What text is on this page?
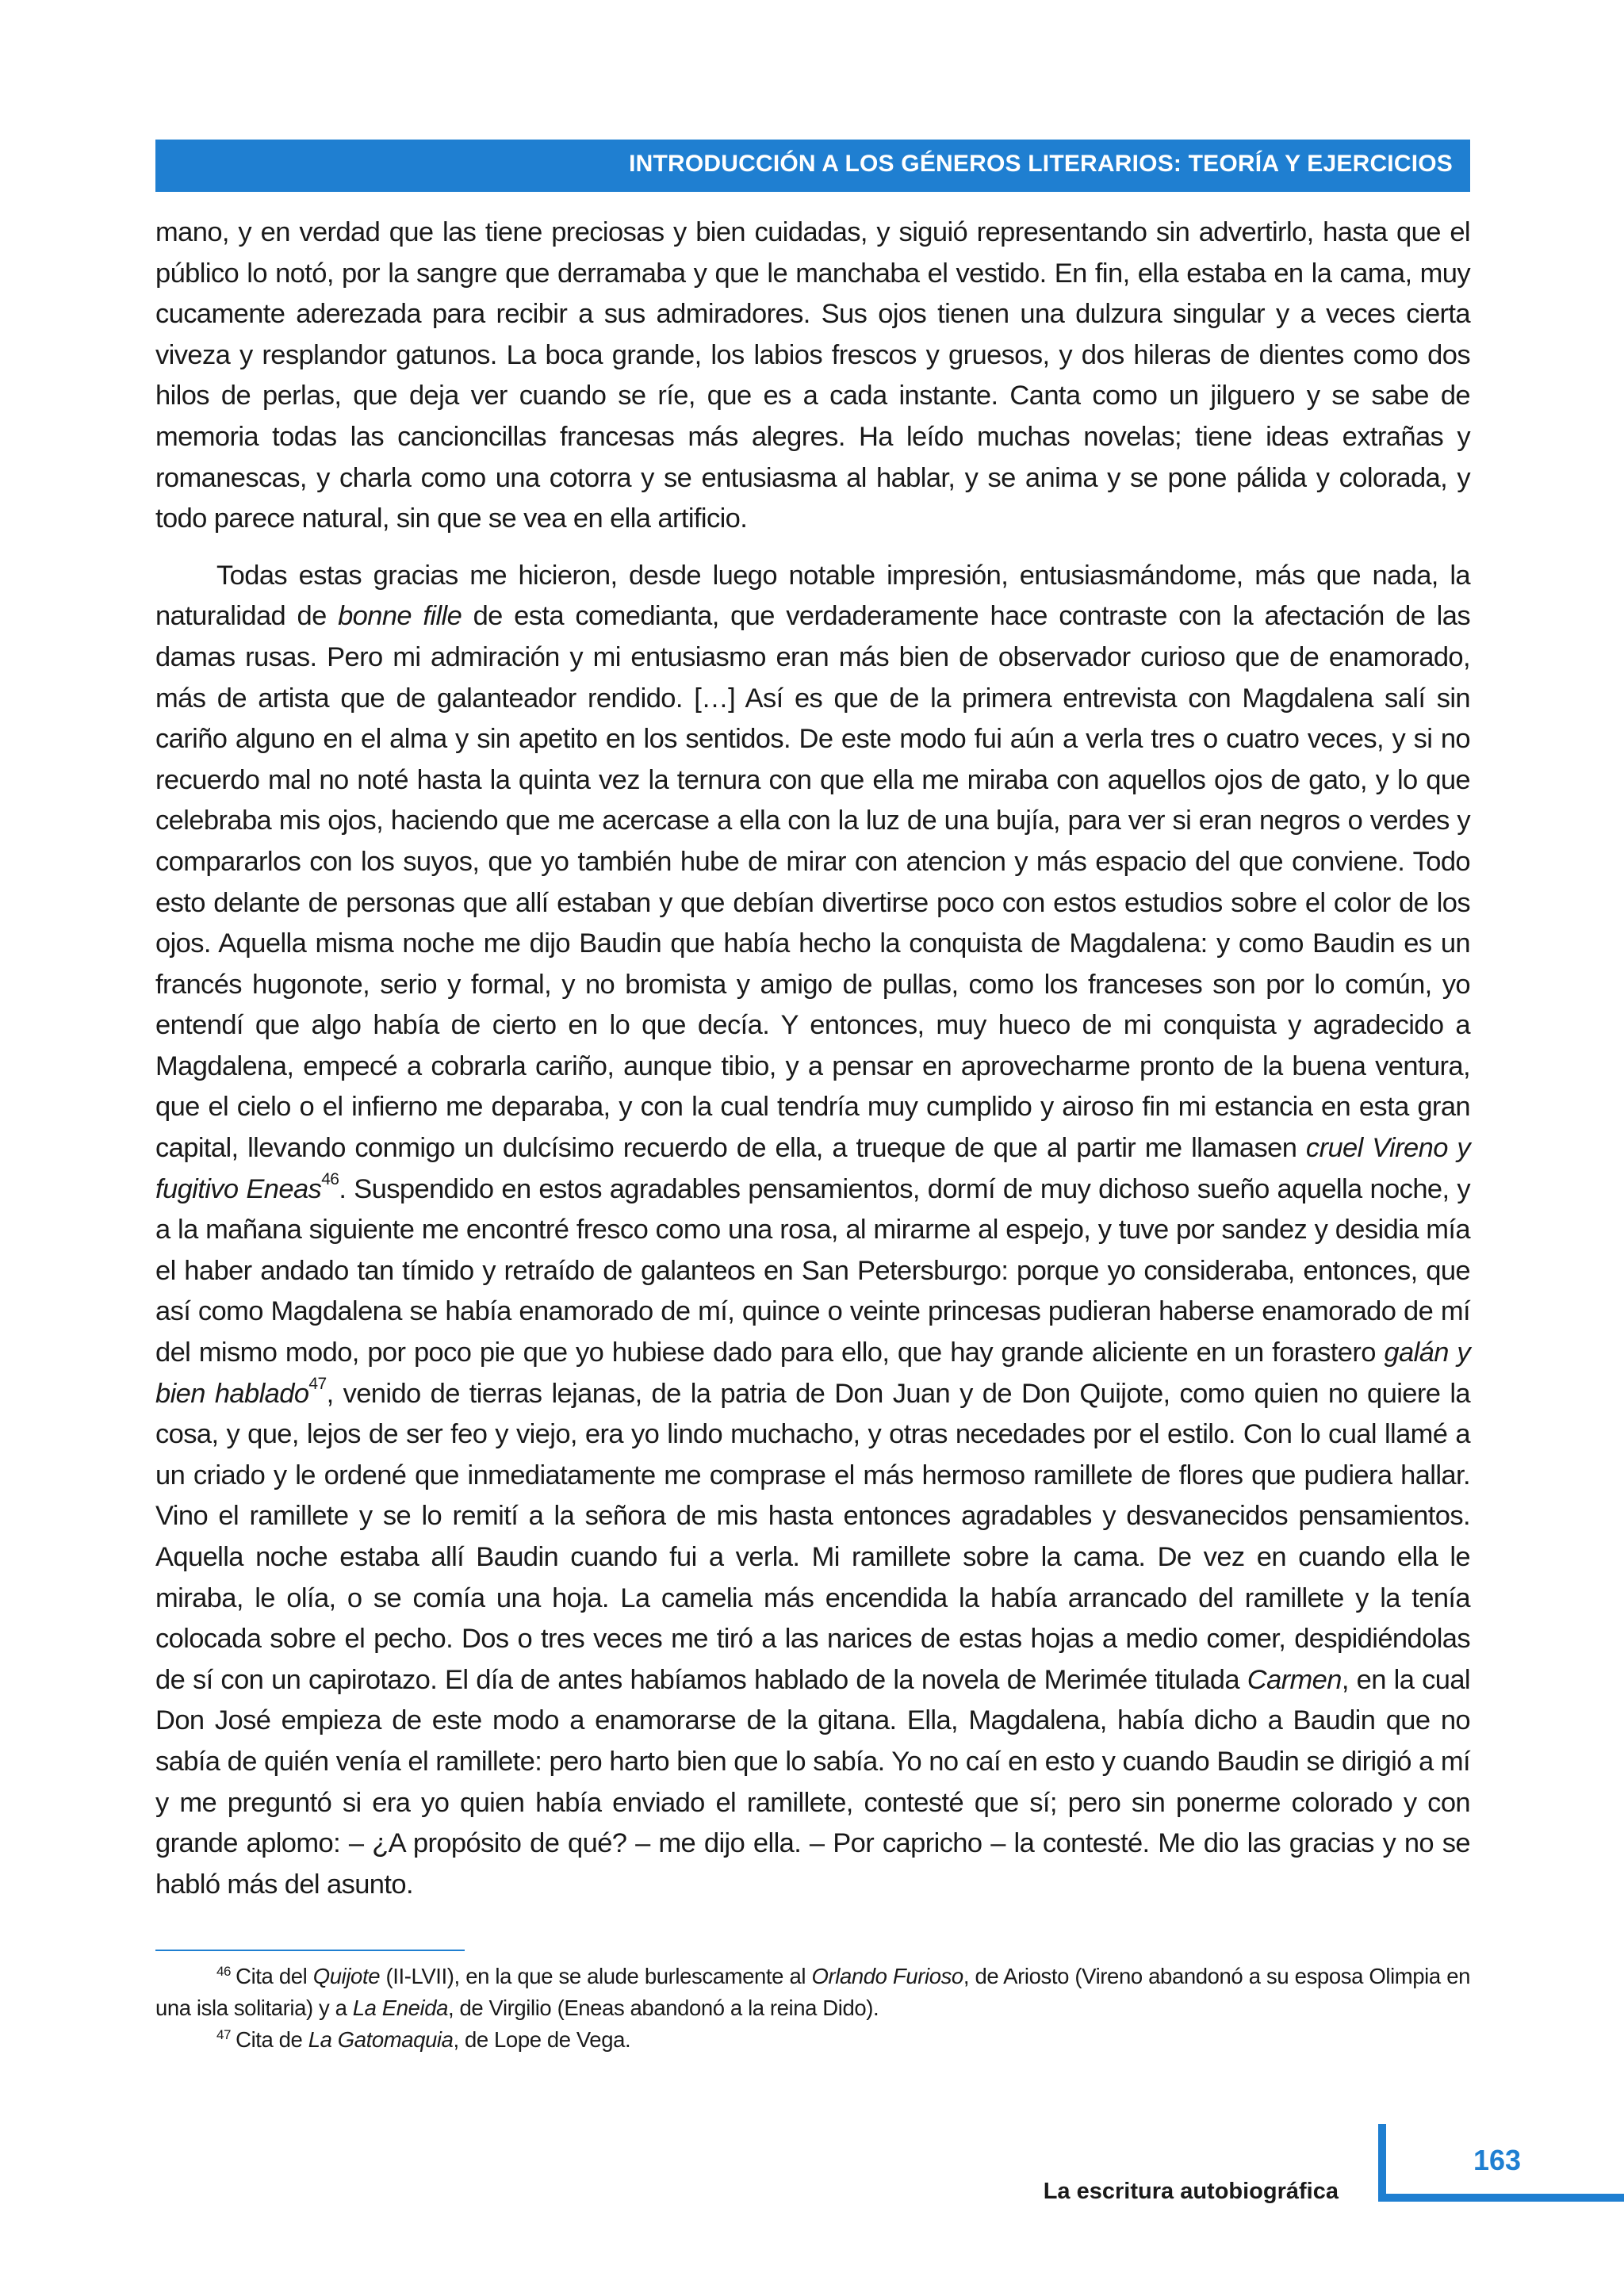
INTRODUCCIÓN A LOS GÉNEROS LITERARIOS: TEORÍA Y EJERCICIOS

mano, y en verdad que las tiene preciosas y bien cuidadas, y siguió representando sin advertirlo, hasta que el público lo notó, por la sangre que derramaba y que le manchaba el vestido. En fin, ella estaba en la cama, muy cucamente aderezada para recibir a sus admiradores. Sus ojos tienen una dulzura singular y a veces cierta viveza y resplandor gatunos. La boca grande, los labios frescos y gruesos, y dos hileras de dientes como dos hilos de perlas, que deja ver cuando se ríe, que es a cada instante. Canta como un jilguero y se sabe de memoria todas las cancioncillas francesas más alegres. Ha leído muchas novelas; tiene ideas extrañas y romanescas, y charla como una cotorra y se entusiasma al hablar, y se anima y se pone pálida y colorada, y todo parece natural, sin que se vea en ella artificio.

Todas estas gracias me hicieron, desde luego notable impresión, entusiasmándome, más que nada, la naturalidad de bonne fille de esta comedianta, que verdaderamente hace contraste con la afectación de las damas rusas. Pero mi admiración y mi entusiasmo eran más bien de observador curioso que de enamorado, más de artista que de galanteador rendido. […] Así es que de la primera entrevista con Magdalena salí sin cariño alguno en el alma y sin apetito en los sentidos. De este modo fui aún a verla tres o cuatro veces, y si no recuerdo mal no noté hasta la quinta vez la ternura con que ella me miraba con aquellos ojos de gato, y lo que celebraba mis ojos, haciendo que me acercase a ella con la luz de una bujía, para ver si eran negros o verdes y compararlos con los suyos, que yo también hube de mirar con atencion y más espacio del que conviene. Todo esto delante de personas que allí estaban y que debían divertirse poco con estos estudios sobre el color de los ojos. Aquella misma noche me dijo Baudin que había hecho la conquista de Magdalena: y como Baudin es un francés hugonote, serio y formal, y no bromista y amigo de pullas, como los franceses son por lo común, yo entendí que algo había de cierto en lo que decía. Y entonces, muy hueco de mi conquista y agradecido a Magdalena, empecé a cobrarla cariño, aunque tibio, y a pensar en aprovecharme pronto de la buena ventura, que el cielo o el infierno me deparaba, y con la cual tendría muy cumplido y airoso fin mi estancia en esta gran capital, llevando conmigo un dulcísimo recuerdo de ella, a trueque de que al partir me llamasen cruel Vireno y fugitivo Eneas$^{46}$. Suspendido en estos agradables pensamientos, dormí de muy dichoso sueño aquella noche, y a la mañana siguiente me encontré fresco como una rosa, al mirarme al espejo, y tuve por sandez y desidia mía el haber andado tan tímido y retraído de galanteos en San Petersburgo: porque yo consideraba, entonces, que así como Magdalena se había enamorado de mí, quince o veinte princesas pudieran haberse enamorado de mí del mismo modo, por poco pie que yo hubiese dado para ello, que hay grande aliciente en un forastero galán y bien hablado$^{47}$, venido de tierras lejanas, de la patria de Don Juan y de Don Quijote, como quien no quiere la cosa, y que, lejos de ser feo y viejo, era yo lindo muchacho, y otras necedades por el estilo. Con lo cual llamé a un criado y le ordené que inmediatamente me comprase el más hermoso ramillete de flores que pudiera hallar. Vino el ramillete y se lo remití a la señora de mis hasta entonces agradables y desvanecidos pensamientos. Aquella noche estaba allí Baudin cuando fui a verla. Mi ramillete sobre la cama. De vez en cuando ella le miraba, le olía, o se comía una hoja. La camelia más encendida la había arrancado del ramillete y la tenía colocada sobre el pecho. Dos o tres veces me tiró a las narices de estas hojas a medio comer, despidiéndolas de sí con un capirotazo. El día de antes habíamos hablado de la novela de Merimée titulada Carmen, en la cual Don José empieza de este modo a enamorarse de la gitana. Ella, Magdalena, había dicho a Baudin que no sabía de quién venía el ramillete: pero harto bien que lo sabía. Yo no caí en esto y cuando Baudin se dirigió a mí y me preguntó si era yo quien había enviado el ramillete, contesté que sí; pero sin ponerme colorado y con grande aplomo: – ¿A propósito de qué? – me dijo ella. – Por capricho – la contesté. Me dio las gracias y no se habló más del asunto.

$^{46}$ Cita del Quijote (II-LVII), en la que se alude burlescamente al Orlando Furioso, de Ariosto (Vireno abandonó a su esposa Olimpia en una isla solitaria) y a La Eneida, de Virgilio (Eneas abandonó a la reina Dido).

$^{47}$ Cita de La Gatomaquia, de Lope de Vega.

163
La escritura autobiográfica
